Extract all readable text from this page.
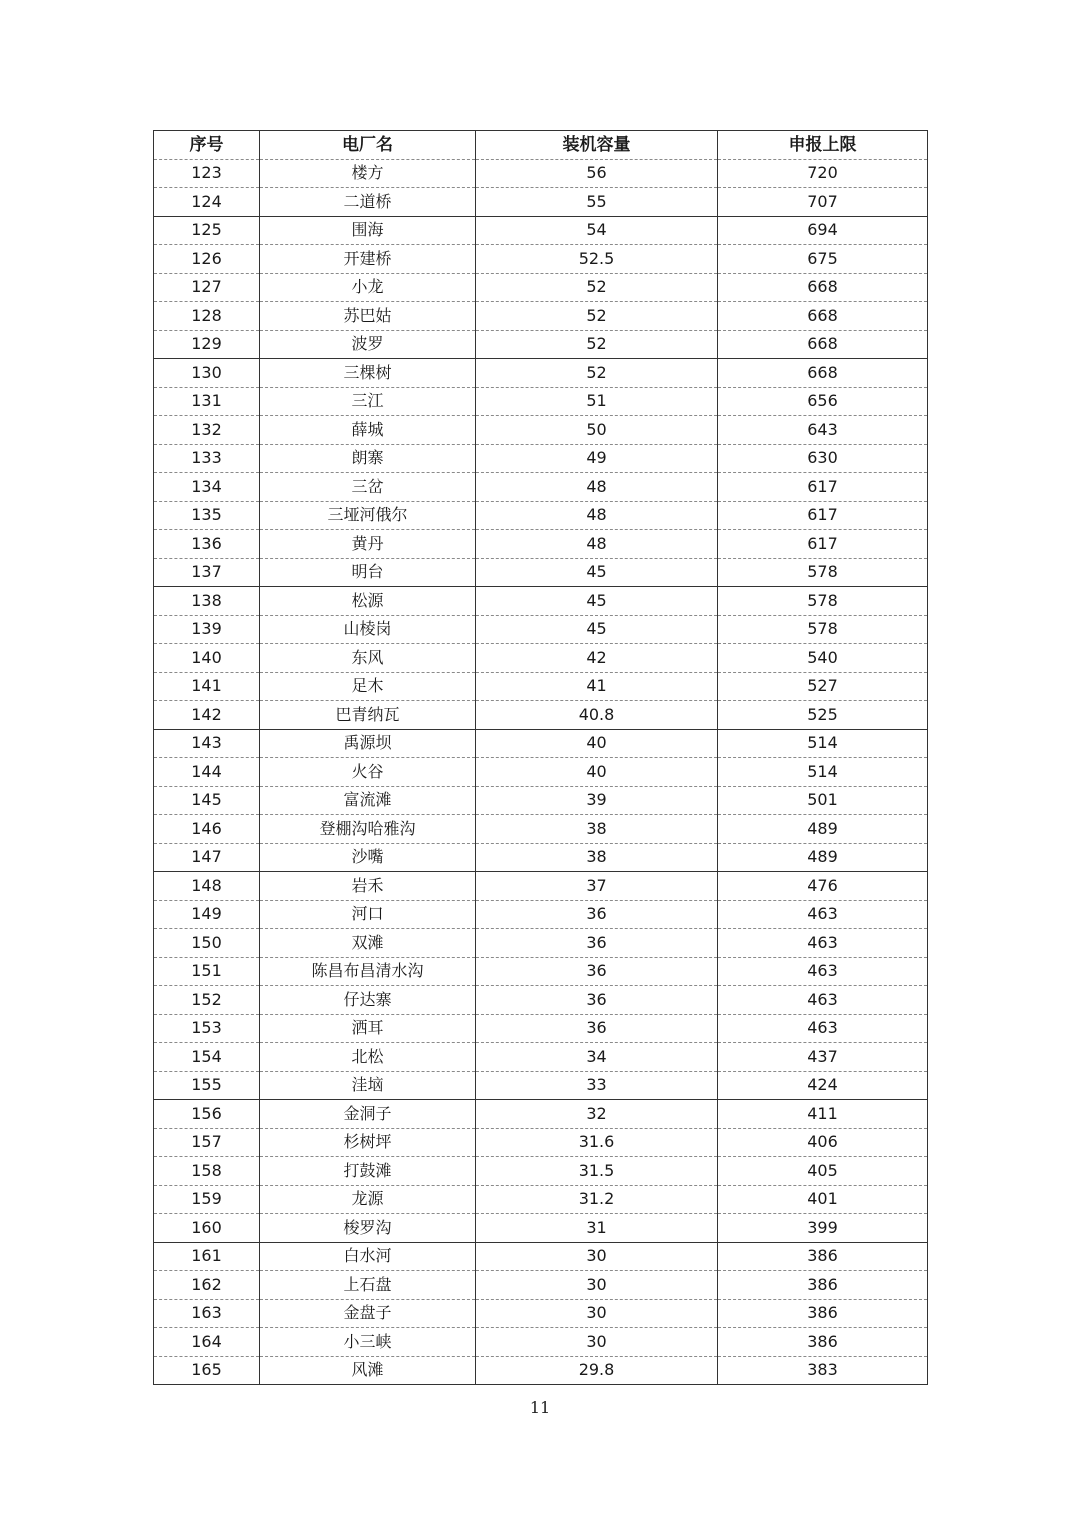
序号	电厂名	装机容量	申报上限
123	楼方	56	720
124	二道桥	55	707
125	围海	54	694
126	开建桥	52.5	675
127	小龙	52	668
128	苏巴姑	52	668
129	波罗	52	668
130	三棵树	52	668
131	三江	51	656
132	薛城	50	643
133	朗寨	49	630
134	三岔	48	617
135	三垭河俄尔	48	617
136	黄丹	48	617
137	明台	45	578
138	松源	45	578
139	山棱岗	45	578
140	东风	42	540
141	足木	41	527
142	巴青纳瓦	40.8	525
143	禹源坝	40	514
144	火谷	40	514
145	富流滩	39	501
146	登棚沟哈雅沟	38	489
147	沙嘴	38	489
148	岩禾	37	476
149	河口	36	463
150	双滩	36	463
151	陈昌布昌清水沟	36	463
152	仔达寨	36	463
153	洒耳	36	463
154	北松	34	437
155	洼垴	33	424
156	金洞子	32	411
157	杉树坪	31.6	406
158	打鼓滩	31.5	405
159	龙源	31.2	401
160	梭罗沟	31	399
161	白水河	30	386
162	上石盘	30	386
163	金盘子	30	386
164	小三峡	30	386
165	风滩	29.8	383
11
